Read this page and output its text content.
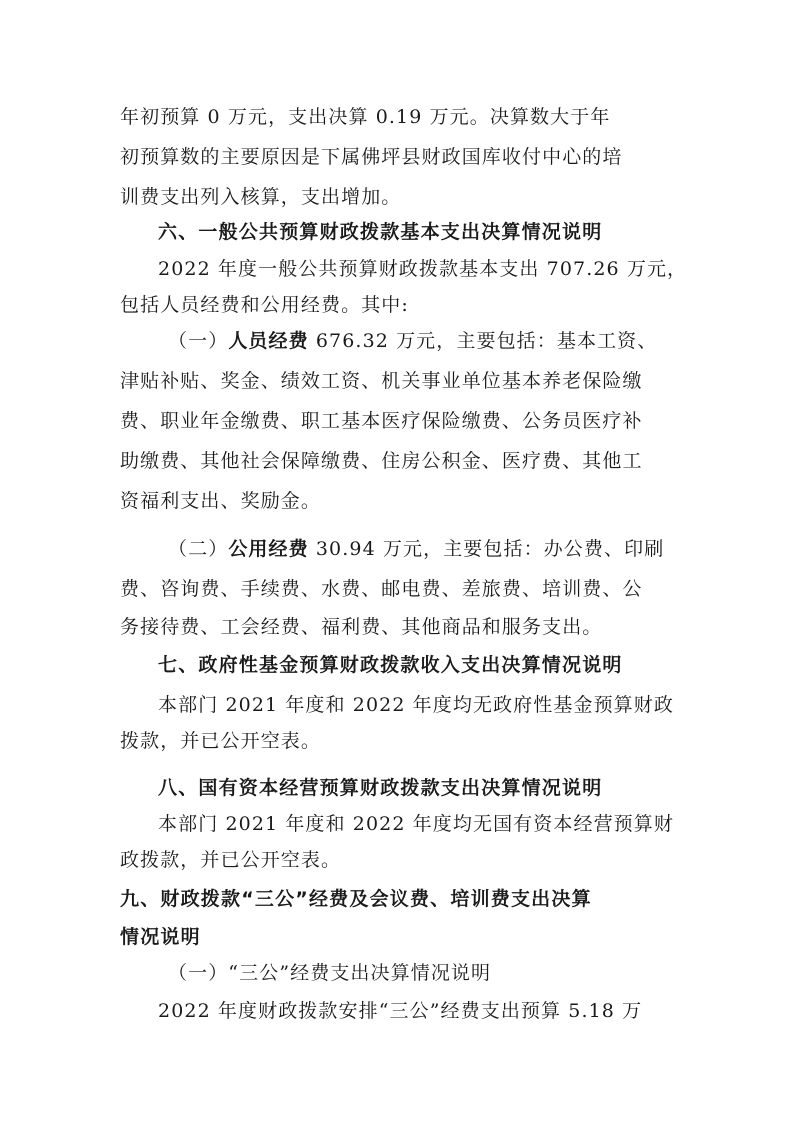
年初预算 0 万元，支出决算 0.19 万元。决算数大于年
初预算数的主要原因是下属佛坪县财政国库收付中心的培
训费支出列入核算，支出增加。
六、一般公共预算财政拨款基本支出决算情况说明
2022 年度一般公共预算财政拨款基本支出 707.26 万元，
包括人员经费和公用经费。其中:
（一）人员经费 676.32 万元，主要包括：基本工资、
津贴补贴、奖金、绩效工资、机关事业单位基本养老保险缴
费、职业年金缴费、职工基本医疗保险缴费、公务员医疗补
助缴费、其他社会保障缴费、住房公积金、医疗费、其他工
资福利支出、奖励金。
（二）公用经费 30.94 万元，主要包括：办公费、印刷
费、咨询费、手续费、水费、邮电费、差旅费、培训费、公
务接待费、工会经费、福利费、其他商品和服务支出。
七、政府性基金预算财政拨款收入支出决算情况说明
本部门 2021 年度和 2022 年度均无政府性基金预算财政
拨款，并已公开空表。
八、国有资本经营预算财政拨款支出决算情况说明
本部门 2021 年度和 2022 年度均无国有资本经营预算财
政拨款，并已公开空表。
九、财政拨款“三公”经费及会议费、培训费支出决算
情况说明
（一）“三公”经费支出决算情况说明
2022 年度财政拨款安排“三公”经费支出预算 5.18 万
